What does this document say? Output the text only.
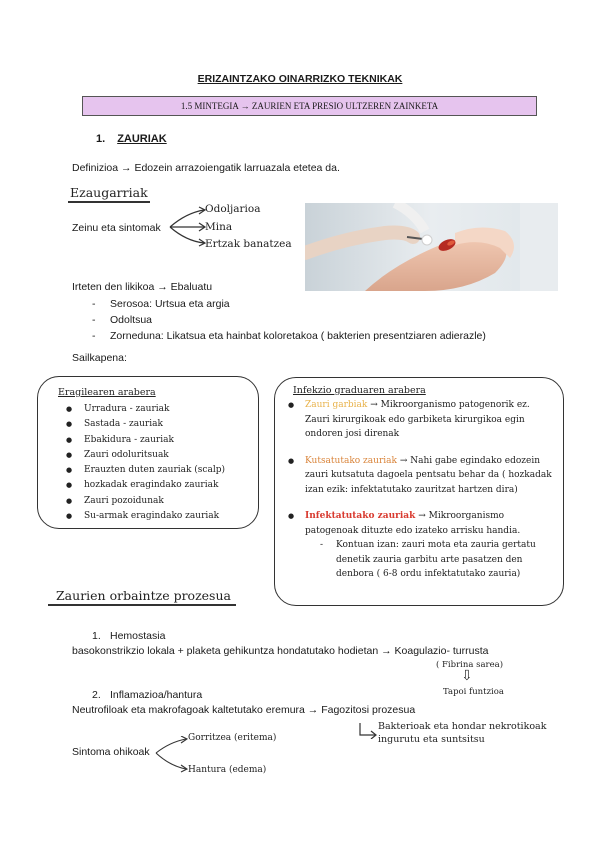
ERIZAINTZAKO OINARRIZKO TEKNIKAK
1.5 MINTEGIA → ZAURIEN ETA PRESIO ULTZEREN ZAINKETA
1. ZAURIAK
Definizioa → Edozein arrazoiengatik larruazala etetea da.
Ezaugarriak
Zeinu eta sintomak
Odoljarioa
Mina
Ertzak banatzea
Irteten den likikoa → Ebaluatu
- Serosoa: Urtsua eta argia
- Odoltsua
- Zorneduna: Likatsua eta hainbat koloretakoa ( bakterien presentziaren adierazle)
Sailkapena:
Eragilearen arabera
● Urradura - zauriak
● Sastada - zauriak
● Ebakidura - zauriak
● Zauri odoluritsuak
● Erauzten duten zauriak (scalp)
● hozkadak eragindako zauriak
● Zauri pozoidunak
● Su-armak eragindako zauriak
Infekzio graduaren arabera
● Zauri garbiak → Mikroorganismo patogenorik ez. Zauri kirurgikoak edo garbiketa kirurgikoa egin ondoren josi direnak
● Kutsatutako zauriak → Nahi gabe egindako edozein zauri kutsatuta dagoela pentsatu behar da ( hozkadak izan ezik: infektatutako zauritzat hartzen dira)
● Infektatutako zauriak → Mikroorganismo patogenoak dituzte edo izateko arrisku handia.
- Kontuan izan: zauri mota eta zauria gertatu denetik zauria garbitu arte pasatzen den denbora ( 6-8 ordu infektatutako zauria)
Zaurien orbaintze prozesua
1. Hemostasia
basokonstrikzio lokala + plaketa gehikuntza hondatutako hodietan → Koagulazio- turrusta
( Fibrina sarea)
⇩
Tapoi funtzioa
2. Inflamazioa/hantura
Neutrofiloak eta makrofagoak kaltetutako eremura → Fagozitosi prozesua
Bakterioak eta hondar nekrotikoak ingurutu eta suntsitsu
Sintoma ohikoak
Gorritzea (eritema)
Hantura (edema)
